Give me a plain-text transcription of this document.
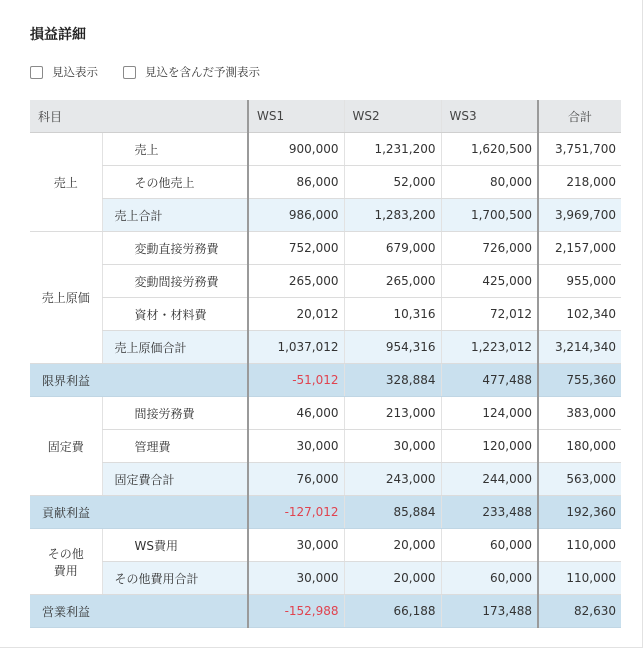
損益詳細
見込表示	見込を含んだ予測表示
科目		WS1	WS2	WS3	合計
売上	売上	900,000	1,231,200	1,620,500	3,751,700
	その他売上	86,000	52,000	80,000	218,000
	売上合計	986,000	1,283,200	1,700,500	3,969,700
売上原価	変動直接労務費	752,000	679,000	726,000	2,157,000
	変動間接労務費	265,000	265,000	425,000	955,000
	資材・材料費	20,012	10,316	72,012	102,340
	売上原価合計	1,037,012	954,316	1,223,012	3,214,340
限界利益		-51,012	328,884	477,488	755,360
固定費	間接労務費	46,000	213,000	124,000	383,000
	管理費	30,000	30,000	120,000	180,000
	固定費合計	76,000	243,000	244,000	563,000
貢献利益		-127,012	85,884	233,488	192,360
その他
費用	WS費用	30,000	20,000	60,000	110,000
	その他費用合計	30,000	20,000	60,000	110,000
営業利益		-152,988	66,188	173,488	82,630
